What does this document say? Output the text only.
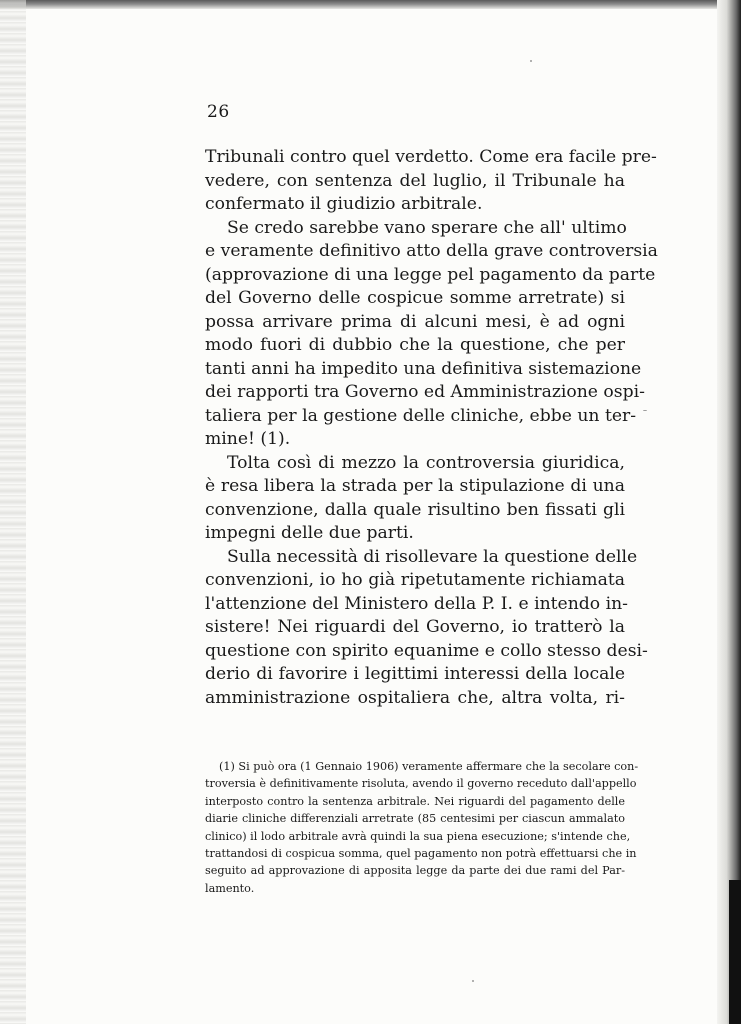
26

Tribunali contro quel verdetto. Come era facile pre-
vedere, con sentenza del luglio, il Tribunale ha
confermato il giudizio arbitrale.

Se credo sarebbe vano sperare che all' ultimo
e veramente definitivo atto della grave controversia
(approvazione di una legge pel pagamento da parte
del Governo delle cospicue somme arretrate) si
possa arrivare prima di alcuni mesi, è ad ogni
modo fuori di dubbio che la questione, che per
tanti anni ha impedito una definitiva sistemazione
dei rapporti tra Governo ed Amministrazione ospi-
taliera per la gestione delle cliniche, ebbe un ter-
mine! (1).

Tolta così di mezzo la controversia giuridica,
è resa libera la strada per la stipulazione di una
convenzione, dalla quale risultino ben fissati gli
impegni delle due parti.

Sulla necessità di risollevare la questione delle
convenzioni, io ho già ripetutamente richiamata
l'attenzione del Ministero della P. I. e intendo in-
sistere! Nei riguardi del Governo, io tratterò la
questione con spirito equanime e collo stesso desi-
derio di favorire i legittimi interessi della locale
amministrazione ospitaliera che, altra volta, ri-

(1) Si può ora (1 Gennaio 1906) veramente affermare che la secolare con-
troversia è definitivamente risoluta, avendo il governo receduto dall'appello
interposto contro la sentenza arbitrale. Nei riguardi del pagamento delle
diarie cliniche differenziali arretrate (85 centesimi per ciascun ammalato
clinico) il lodo arbitrale avrà quindi la sua piena esecuzione; s'intende che,
trattandosi di cospicua somma, quel pagamento non potrà effettuarsi che in
seguito ad approvazione di apposita legge da parte dei due rami del Par-
lamento.
